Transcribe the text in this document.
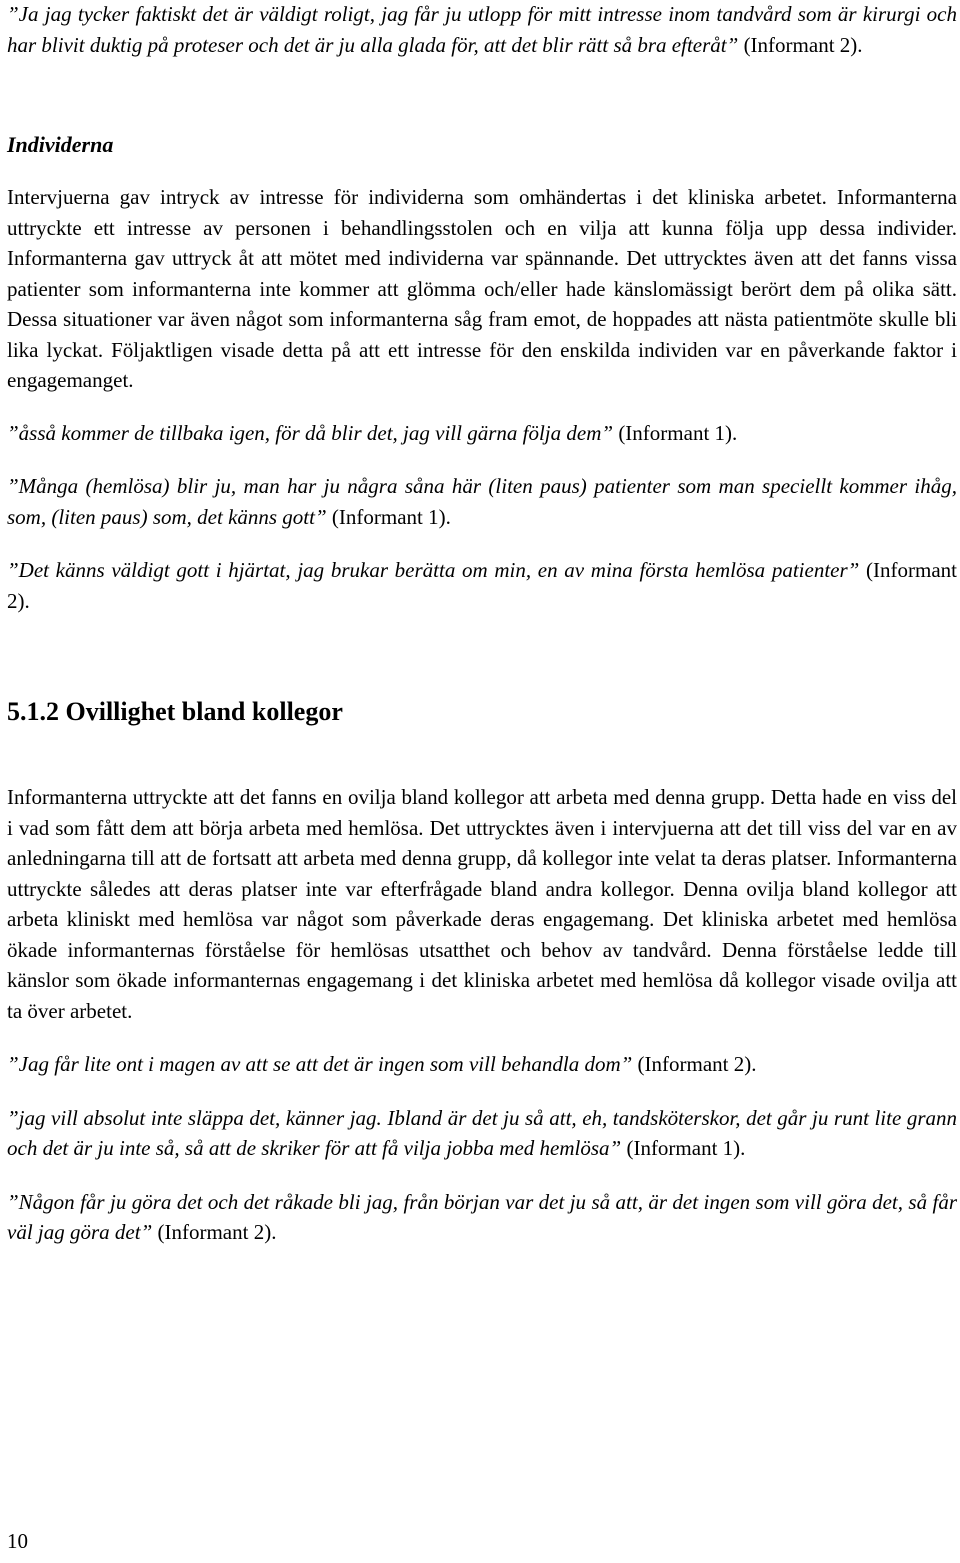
”Ja jag tycker faktiskt det är väldigt roligt, jag får ju utlopp för mitt intresse inom tandvård som är kirurgi och har blivit duktig på proteser och det är ju alla glada för, att det blir rätt så bra efteråt” (Informant 2).

Individerna

Intervjuerna gav intryck av intresse för individerna som omhändertas i det kliniska arbetet. Informanterna uttryckte ett intresse av personen i behandlingsstolen och en vilja att kunna följa upp dessa individer. Informanterna gav uttryck åt att mötet med individerna var spännande. Det uttrycktes även att det fanns vissa patienter som informanterna inte kommer att glömma och/eller hade känslomässigt berört dem på olika sätt. Dessa situationer var även något som informanterna såg fram emot, de hoppades att nästa patientmöte skulle bli lika lyckat. Följaktligen visade detta på att ett intresse för den enskilda individen var en påverkande faktor i engagemanget.

”åsså kommer de tillbaka igen, för då blir det, jag vill gärna följa dem” (Informant 1).

”Många (hemlösa) blir ju, man har ju några såna här (liten paus) patienter som man speciellt kommer ihåg, som, (liten paus) som, det känns gott” (Informant 1).

”Det känns väldigt gott i hjärtat, jag brukar berätta om min, en av mina första hemlösa patienter” (Informant 2).

5.1.2 Ovillighet bland kollegor

Informanterna uttryckte att det fanns en ovilja bland kollegor att arbeta med denna grupp. Detta hade en viss del i vad som fått dem att börja arbeta med hemlösa. Det uttrycktes även i intervjuerna att det till viss del var en av anledningarna till att de fortsatt att arbeta med denna grupp, då kollegor inte velat ta deras platser. Informanterna uttryckte således att deras platser inte var efterfrågade bland andra kollegor. Denna ovilja bland kollegor att arbeta kliniskt med hemlösa var något som påverkade deras engagemang. Det kliniska arbetet med hemlösa ökade informanternas förståelse för hemlösas utsatthet och behov av tandvård. Denna förståelse ledde till känslor som ökade informanternas engagemang i det kliniska arbetet med hemlösa då kollegor visade ovilja att ta över arbetet.

”Jag får lite ont i magen av att se att det är ingen som vill behandla dom” (Informant 2).

”jag vill absolut inte släppa det, känner jag. Ibland är det ju så att, eh, tandsköterskor, det går ju runt lite grann och det är ju inte så, så att de skriker för att få vilja jobba med hemlösa” (Informant 1).

”Någon får ju göra det och det råkade bli jag, från början var det ju så att, är det ingen som vill göra det, så får väl jag göra det” (Informant 2).

10
